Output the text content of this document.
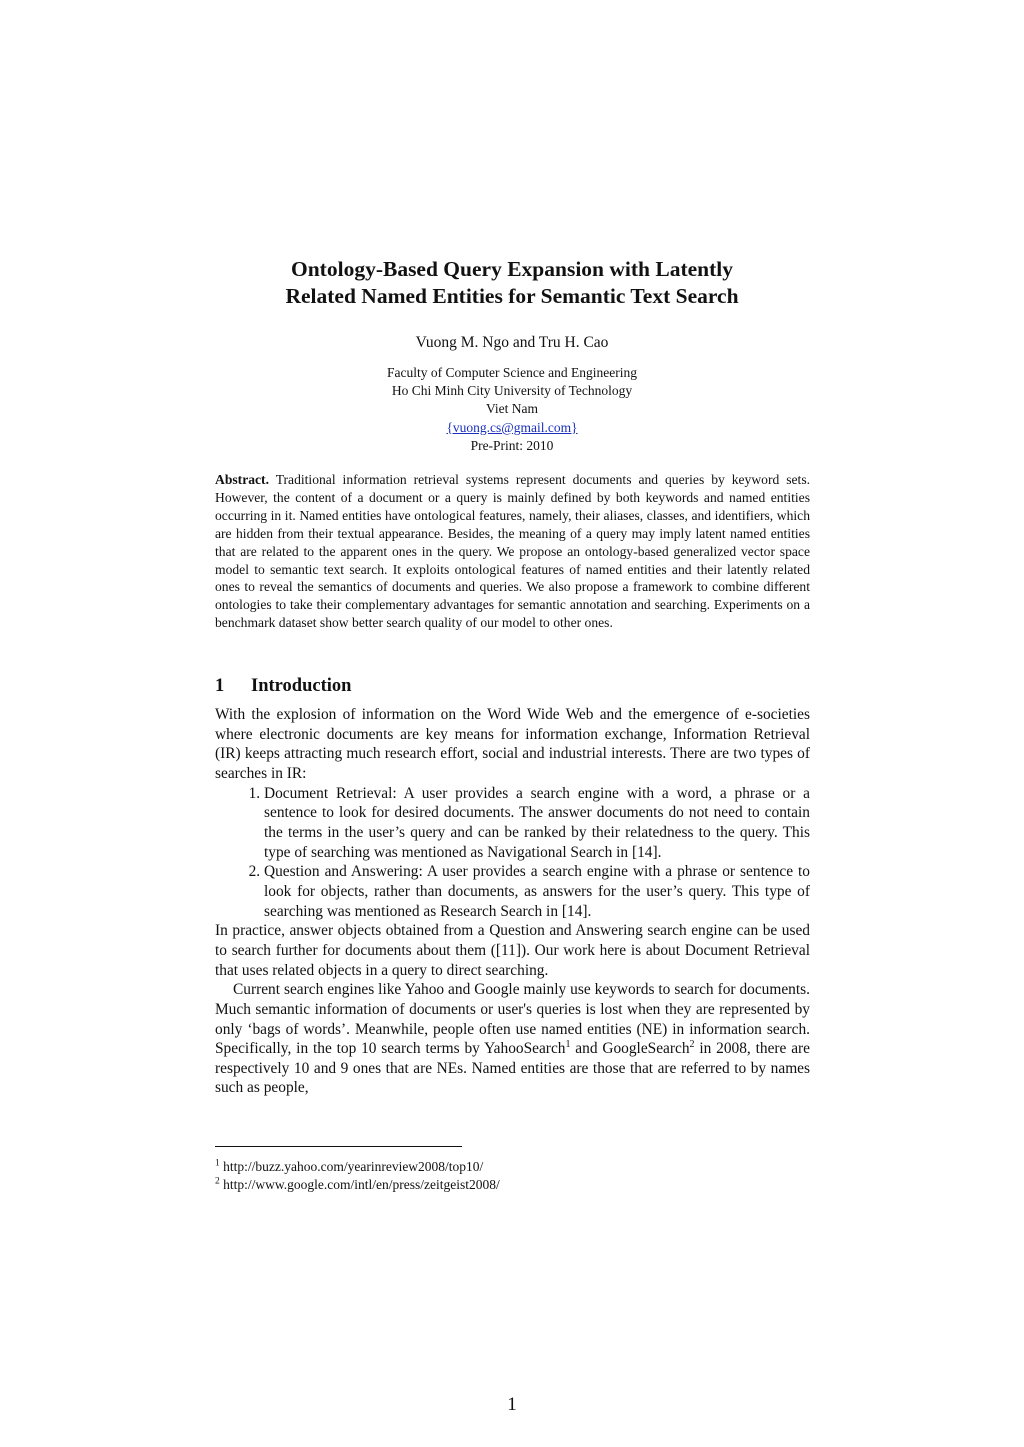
Ontology-Based Query Expansion with Latently
Related Named Entities for Semantic Text Search
Vuong M. Ngo and Tru H. Cao
Faculty of Computer Science and Engineering
Ho Chi Minh City University of Technology
Viet Nam
{vuong.cs@gmail.com}
Pre-Print: 2010
Abstract. Traditional information retrieval systems represent documents and queries by keyword sets. However, the content of a document or a query is mainly defined by both keywords and named entities occurring in it. Named entities have ontological features, namely, their aliases, classes, and identifiers, which are hidden from their textual appearance. Besides, the meaning of a query may imply latent named entities that are related to the apparent ones in the query. We propose an ontology-based generalized vector space model to semantic text search. It exploits ontological features of named entities and their latently related ones to reveal the semantics of documents and queries. We also propose a framework to combine different ontologies to take their complementary advantages for semantic annotation and searching. Experiments on a benchmark dataset show better search quality of our model to other ones.
1 Introduction

With the explosion of information on the Word Wide Web and the emergence of e-societies where electronic documents are key means for information exchange, Information Retrieval (IR) keeps attracting much research effort, social and industrial interests. There are two types of searches in IR:

1. Document Retrieval: A user provides a search engine with a word, a phrase or a sentence to look for desired documents. The answer documents do not need to contain the terms in the user’s query and can be ranked by their relatedness to the query. This type of searching was mentioned as Navigational Search in [14].
2. Question and Answering: A user provides a search engine with a phrase or sentence to look for objects, rather than documents, as answers for the user’s query. This type of searching was mentioned as Research Search in [14].

In practice, answer objects obtained from a Question and Answering search engine can be used to search further for documents about them ([11]). Our work here is about Document Retrieval that uses related objects in a query to direct searching.

Current search engines like Yahoo and Google mainly use keywords to search for documents. Much semantic information of documents or user's queries is lost when they are represented by only ‘bags of words’. Meanwhile, people often use named entities (NE) in information search. Specifically, in the top 10 search terms by YahooSearch$^1$ and GoogleSearch$^2$ in 2008, there are respectively 10 and 9 ones that are NEs. Named entities are those that are referred to by names such as people,

$^1$ http://buzz.yahoo.com/yearinreview2008/top10/
$^2$ http://www.google.com/intl/en/press/zeitgeist2008/
1
